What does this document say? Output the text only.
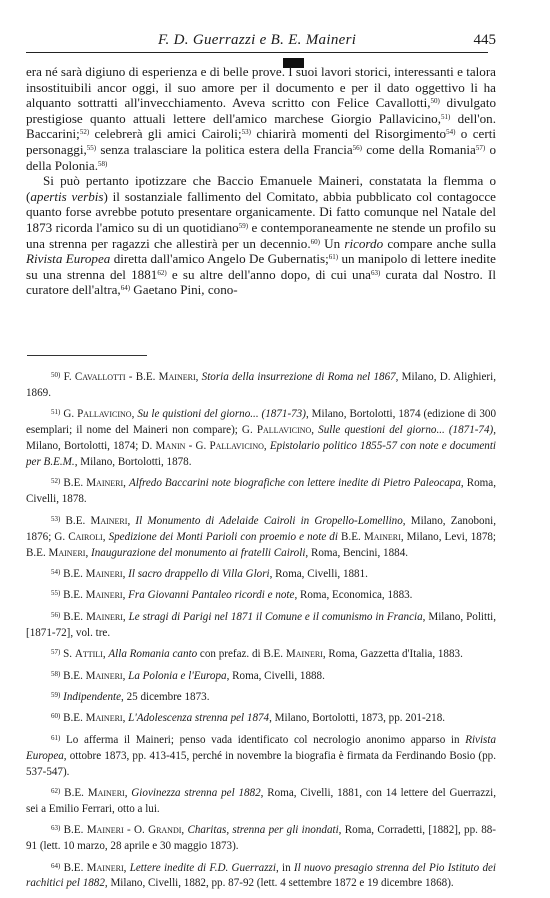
F. D. Guerrazzi e B. E. Maineri	445

era né sarà digiuno di esperienza e di belle prove. I suoi lavori storici, interessanti e talora insostituibili ancor oggi, il suo amore per il documento e per il dato oggettivo li ha alquanto sottratti all'invecchiamento. Aveva scritto con Felice Cavallotti,$^{50)}$ divulgato prestigiose quanto attuali lettere dell'amico marchese Giorgio Pallavicino,$^{51)}$ dell'on. Baccarini;$^{52)}$ celebrerà gli amici Cairoli;$^{53)}$ chiarirà momenti del Risorgimento$^{54)}$ o certi personaggi,$^{55)}$ senza tralasciare la politica estera della Francia$^{56)}$ come della Romania$^{57)}$ o della Polonia.$^{58)}$

Si può pertanto ipotizzare che Baccio Emanuele Maineri, constatata la flemma o (apertis verbis) il sostanziale fallimento del Comitato, abbia pubblicato col contagocce quanto forse avrebbe potuto presentare organicamente. Di fatto comunque nel Natale del 1873 ricorda l'amico su di un quotidiano$^{59)}$ e contemporaneamente ne stende un profilo su una strenna per ragazzi che allestirà per un decennio.$^{60)}$ Un ricordo compare anche sulla Rivista Europea diretta dall'amico Angelo De Gubernatis;$^{61)}$ un manipolo di lettere inedite su una strenna del 1881$^{62)}$ e su altre dell'anno dopo, di cui una$^{63)}$ curata dal Nostro. Il curatore dell'altra,$^{64)}$ Gaetano Pini, cono-

$^{50)}$ F. Cavallotti - B.E. Maineri, Storia della insurrezione di Roma nel 1867, Milano, D. Alighieri, 1869.

$^{51)}$ G. Pallavicino, Su le quistioni del giorno... (1871-73), Milano, Bortolotti, 1874 (edizione di 300 esemplari; il nome del Maineri non compare); G. Pallavicino, Sulle questioni del giorno... (1871-74), Milano, Bortolotti, 1874; D. Manin - G. Pallavicino, Epistolario politico 1855-57 con note e documenti per B.E.M., Milano, Bortolotti, 1878.

$^{52)}$ B.E. Maineri, Alfredo Baccarini note biografiche con lettere inedite di Pietro Paleocapa, Roma, Civelli, 1878.

$^{53)}$ B.E. Maineri, Il Monumento di Adelaide Cairoli in Gropello-Lomellino, Milano, Zanoboni, 1876; G. Cairoli, Spedizione dei Monti Parioli con proemio e note di B.E. Maineri, Milano, Levi, 1878; B.E. Maineri, Inaugurazione del monumento ai fratelli Cairoli, Roma, Bencini, 1884.

$^{54)}$ B.E. Maineri, Il sacro drappello di Villa Glori, Roma, Civelli, 1881.

$^{55)}$ B.E. Maineri, Fra Giovanni Pantaleo ricordi e note, Roma, Economica, 1883.

$^{56)}$ B.E. Maineri, Le stragi di Parigi nel 1871 il Comune e il comunismo in Francia, Milano, Politti, [1871-72], vol. tre.

$^{57)}$ S. Attili, Alla Romania canto con prefaz. di B.E. Maineri, Roma, Gazzetta d'Italia, 1883.

$^{58)}$ B.E. Maineri, La Polonia e l'Europa, Roma, Civelli, 1888.

$^{59)}$ Indipendente, 25 dicembre 1873.

$^{60)}$ B.E. Maineri, L'Adolescenza strenna pel 1874, Milano, Bortolotti, 1873, pp. 201-218.

$^{61)}$ Lo afferma il Maineri; penso vada identificato col necrologio anonimo apparso in Rivista Europea, ottobre 1873, pp. 413-415, perché in novembre la biografia è firmata da Ferdinando Bosio (pp. 537-547).

$^{62)}$ B.E. Maineri, Giovinezza strenna pel 1882, Roma, Civelli, 1881, con 14 lettere del Guerrazzi, sei a Emilio Ferrari, otto a lui.

$^{63)}$ B.E. Maineri - O. Grandi, Charitas, strenna per gli inondati, Roma, Corradetti, [1882], pp. 88-91 (lett. 10 marzo, 28 aprile e 30 maggio 1873).

$^{64)}$ B.E. Maineri, Lettere inedite di F.D. Guerrazzi, in Il nuovo presagio strenna del Pio Istituto dei rachitici pel 1882, Milano, Civelli, 1882, pp. 87-92 (lett. 4 settembre 1872 e 19 dicembre 1868).
